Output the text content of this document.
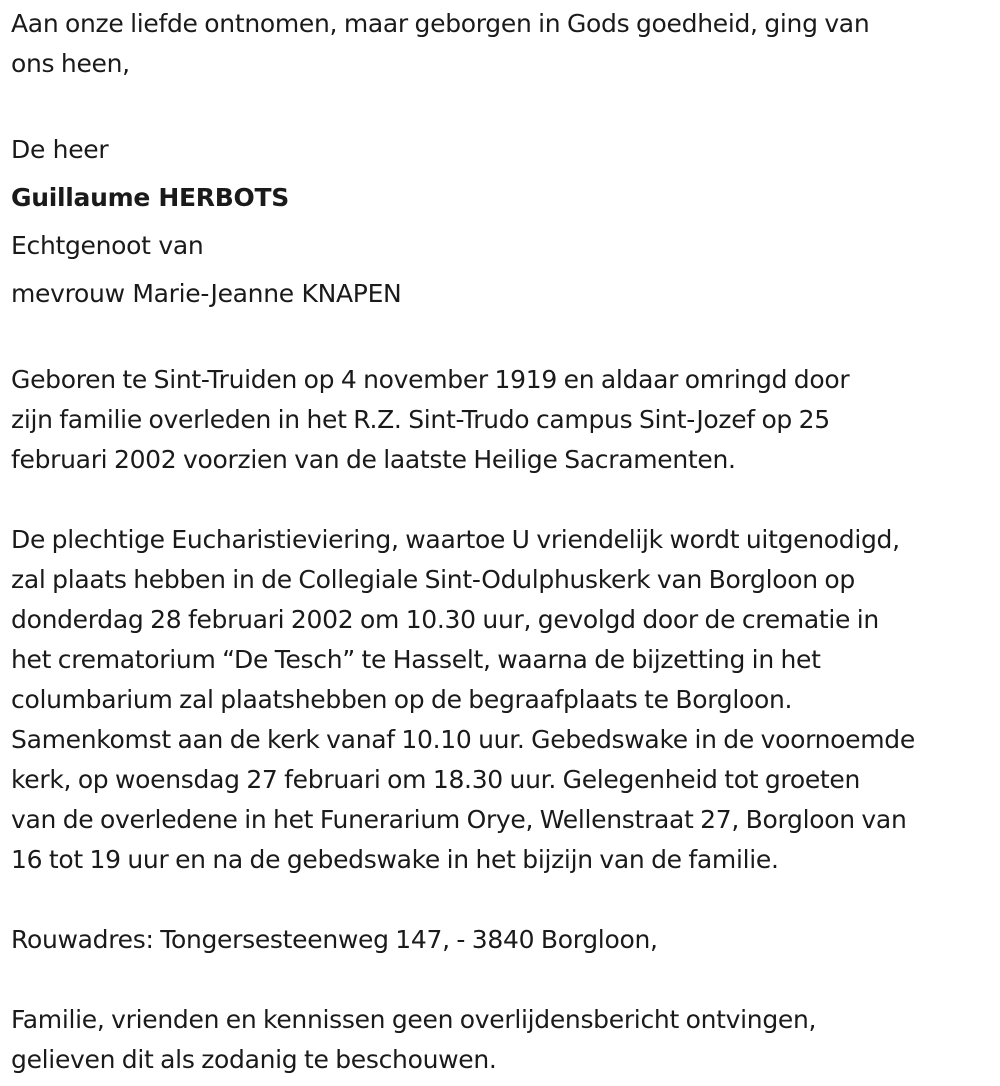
Aan onze liefde ontnomen, maar geborgen in Gods goedheid, ging van
ons heen,

De heer

Guillaume HERBOTS

Echtgenoot van

mevrouw Marie-Jeanne KNAPEN

Geboren te Sint-Truiden op 4 november 1919 en aldaar omringd door
zijn familie overleden in het R.Z. Sint-Trudo campus Sint-Jozef op 25
februari 2002 voorzien van de laatste Heilige Sacramenten.

De plechtige Eucharistieviering, waartoe U vriendelijk wordt uitgenodigd,
zal plaats hebben in de Collegiale Sint-Odulphuskerk van Borgloon op
donderdag 28 februari 2002 om 10.30 uur, gevolgd door de crematie in
het crematorium “De Tesch” te Hasselt, waarna de bijzetting in het
columbarium zal plaatshebben op de begraafplaats te Borgloon.
Samenkomst aan de kerk vanaf 10.10 uur. Gebedswake in de voornoemde
kerk, op woensdag 27 februari om 18.30 uur. Gelegenheid tot groeten
van de overledene in het Funerarium Orye, Wellenstraat 27, Borgloon van
16 tot 19 uur en na de gebedswake in het bijzijn van de familie.

Rouwadres: Tongersesteenweg 147, - 3840 Borgloon,

Familie, vrienden en kennissen geen overlijdensbericht ontvingen,
gelieven dit als zodanig te beschouwen.
